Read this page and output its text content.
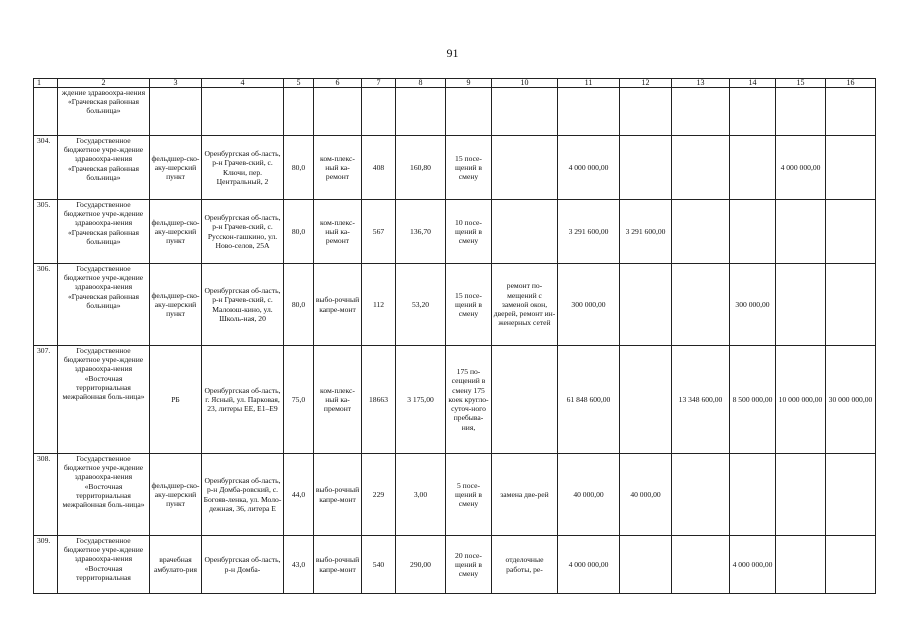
91
1	2	3	4	5	6	7	8	9	10	11	12	13	14	15	16
	ждение здравоохра-нения «Грачевская районная больница»														
304.	Государственное бюджетное учре-ждение здравоохра-нения «Грачевская районная больница»	фельдшер-ско-аку-шерский пункт	Оренбургская об-ласть, р-н Грачев-ский, с. Ключи, пер. Центральный, 2	80,0	ком-плекс-ный ка-ремонт	408	160,80	15 посе-щений в смену		4 000 000,00				4 000 000,00	
305.	Государственное бюджетное учре-ждение здравоохра-нения «Грачевская районная больница»	фельдшер-ско-аку-шерский пункт	Оренбургская об-ласть, р-н Грачев-ский, с. Русскон-гашкино, ул. Ново-селов, 25А	80,0	ком-плекс-ный ка-ремонт	567	136,70	10 посе-щений в смену		3 291 600,00	3 291 600,00				
306.	Государственное бюджетное учре-ждение здравоохра-нения «Грачевская районная больница»	фельдшер-ско-аку-шерский пункт	Оренбургская об-ласть, р-н Грачев-ский, с. Малоюш-кино, ул. Школь-ная, 20	80,0	выбо-рочный капре-монт	112	53,20	15 посе-щений в смену	ремонт по-мещений с заменой окон, дверей, ремонт ин-женерных сетей	300 000,00			300 000,00		
307.	Государственное бюджетное учре-ждение здравоохра-нения «Восточная территориальная межрайонная боль-ница»	РБ	Оренбургская об-ласть, г. Ясный, ул. Парковая, 23, литеры ЕЕ, Е1–Е9	75,0	ком-плекс-ный ка-премонт	18663	3 175,00	175 по-сещений в смену 175 коек кругло-суточ-ного пребыва-ния,		61 848 600,00		13 348 600,00	8 500 000,00	10 000 000,00	30 000 000,00
308.	Государственное бюджетное учре-ждение здравоохра-нения «Восточная территориальная межрайонная боль-ница»	фельдшер-ско-аку-шерский пункт	Оренбургская об-ласть, р-н Домба-ровский, с. Богояв-ленка, ул. Моло-дежная, 36, литера Е	44,0	выбо-рочный капре-монт	229	3,00	5 посе-щений в смену	замена две-рей	40 000,00	40 000,00				
309.	Государственное бюджетное учре-ждение здравоохра-нения «Восточная территориальная	врачебная амбулато-рия	Оренбургская об-ласть, р-н Домба-	43,0	выбо-рочный капре-монт	540	290,00	20 посе-щений в смену	отделочные работы, ре-	4 000 000,00			4 000 000,00		
